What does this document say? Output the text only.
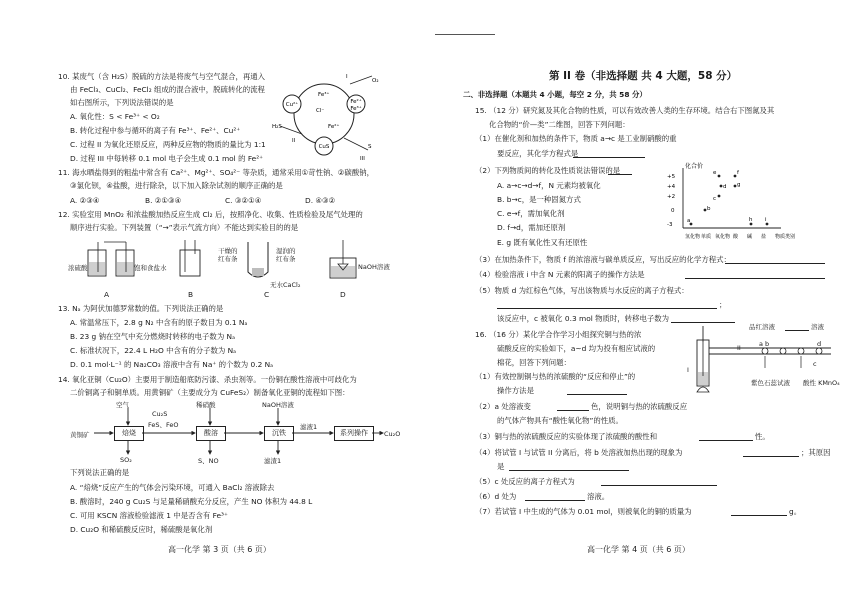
10. 某废气（含 H₂S）脱硫的方法是将废气与空气混合，再通入
由 FeCl₃、CuCl₂、FeCl₂ 组成的混合液中，脱硫转化的流程
如右图所示，下列说法错误的是
A. 氧化性：S < Fe³⁺ < O₂
B. 转化过程中参与循环的离子有 Fe³⁺、Fe²⁺、Cu²⁺
C. 过程 II 为氧化还原反应，两种反应物的物质的量比为 1:1
D. 过程 III 中每转移 0.1 mol 电子会生成 0.1 mol 的 Fe²⁺
Cu²⁺	Fe²⁺
Fe³⁺
CuS
Fe³⁺
Cl⁻
Fe²⁺
O₂
H₂S
S
I
II
III
11. 海水晒盐得到的粗盐中常含有 Ca²⁺、Mg²⁺、SO₄²⁻ 等杂质，通常采用①苛性钠、②碳酸钠，
③氯化钡，④盐酸，进行除杂，以下加入除杂试剂的顺序正确的是
A. ②③④	B. ②①③④	C. ③②①④	D. ④③②
12. 实验室用 MnO₂ 和浓盐酸加热反应生成 Cl₂ 后，按照净化、收集、性质检验及尾气处理的
顺序进行实验。下列装置（“→”表示气流方向）不能达到实验目的的是
浓硫酸	饱和食盐水
干燥的
红布条
湿润的
红布条
无水CaCl₂
NaOH溶液
A	B	C	D
13. Nₐ 为阿伏加德罗常数的值。下列说法正确的是
A. 常温常压下，2.8 g N₂ 中含有的原子数目为 0.1 Nₐ
B. 23 g 钠在空气中充分燃烧时转移的电子数为 Nₐ
C. 标准状况下，22.4 L H₂O 中含有的分子数为 Nₐ
D. 0.1 mol·L⁻¹ 的 Na₂CO₃ 溶液中含有 Na⁺ 的个数为 0.2 Nₐ
14. 氧化亚铜（Cu₂O）主要用于制造船底防污漆、杀虫剂等。一份铜在酸性溶液中可歧化为
二价铜离子和铜单质。用黄铜矿（主要成分为 CuFeS₂）制备氧化亚铜的流程如下图：
空气
Cu₂S
FeS、FeO
稀硝酸	NaOH溶液
黄铜矿	焙烧	酸溶	沉铁
滤液1
系列操作	Cu₂O
SO₂	S、NO	滤渣1
下列说法正确的是
A. “焙烧”反应产生的气体会污染环境，可通入 BaCl₂ 溶液除去
B. 酸溶时，240 g Cu₂S 与足量稀硝酸充分反应，产生 NO 体积为 44.8 L
C. 可用 KSCN 溶液检验滤液 1 中是否含有 Fe³⁺
D. Cu₂O 和稀硫酸反应时，稀硫酸是氧化剂
高一化学 第 3 页（共 6 页）
第 II 卷（非选择题 共 4 大题，58 分）
二、非选择题（本题共 4 小题，每空 2 分，共 58 分）
15. （12 分）研究氮及其化合物的性质，可以有效改善人类的生存环境。结合右下图氮及其
化合物的“价—类”二维图，回答下列问题：
（1）在催化剂和加热的条件下，物质 a→c 是工业制硝酸的重
要反应，其化学方程式是
（2）下列物质间的转化及性质说法错误的是
A. a→c→d→f，N 元素均被氧化
B. b→c，是一种固氮方式
C. e→f，需加氧化剂
D. f→d，需加还原剂
E. g 既有氧化性又有还原性
化合价
+5
+4
+2
0
-3
a
b
c
d
e	f
g
h i
氢化物 单质 氧化物 酸 碱 盐 物质类别
（3）在加热条件下，物质 f 的浓溶液与碳单质反应，写出反应的化学方程式：
（4）检验溶液 i 中含 N 元素的阳离子的操作方法是
（5）物质 d 为红棕色气体，写出该物质与水反应的离子方程式：
；
该反应中，c 被氧化 0.3 mol 物质时，转移电子数为
16. （16 分）某化学合作学习小组探究铜与热的浓
硫酸反应的实验如下，a~d 均为投有相应试液的
棉花，回答下列问题：
品红溶液	溶液
a b	d
c
I
II
紫色石蕊试液 酸性 KMnO₄
（1）有效控制铜与热的浓硫酸的“反应和停止”的
操作方法是
（2）a 处溶液变	色，说明铜与热的浓硫酸反应
的气体产物具有“酸性氧化物”的性质。
（3）铜与热的浓硫酸反应的实验体现了浓硫酸的酸性和	性。
（4）将试管 I 与试管 II 分离后，将 b 处溶液加热出现的现象为	；其原因
是
（5）c 处反应的离子方程式为
（6）d 处为	溶液。
（7）若试管 I 中生成的气体为 0.01 mol，则被氧化的铜的质量为	g。
高一化学 第 4 页（共 6 页）
